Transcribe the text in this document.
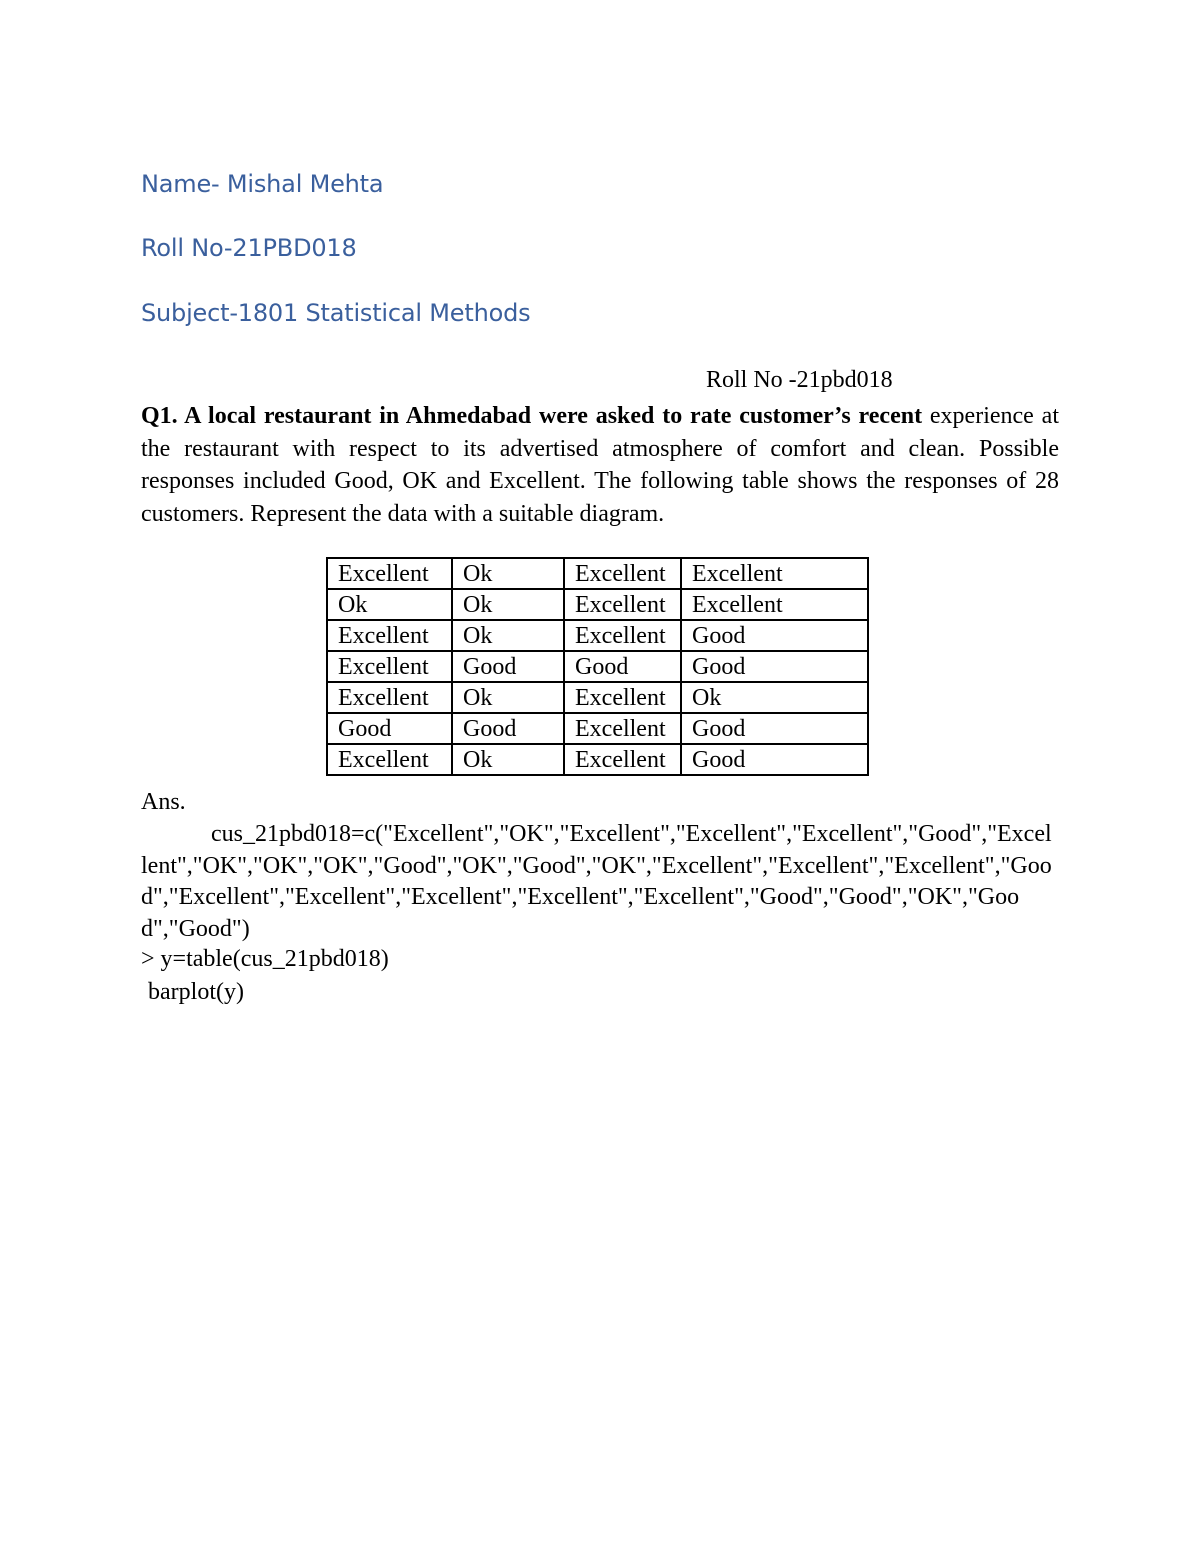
Name- Mishal Mehta
Roll No-21PBD018
Subject-1801 Statistical Methods
Roll No -21pbd018
Q1. A local restaurant in Ahmedabad were asked to rate customer’s recent experience at the restaurant with respect to its advertised atmosphere of comfort and clean. Possible responses included Good, OK and Excellent. The following table shows the responses of 28 customers. Represent the data with a suitable diagram.
Excellent	Ok	Excellent	Excellent
Ok	Ok	Excellent	Excellent
Excellent	Ok	Excellent	Good
Excellent	Good	Good	Good
Excellent	Ok	Excellent	Ok
Good	Good	Excellent	Good
Excellent	Ok	Excellent	Good
Ans.
cus_21pbd018=c("Excellent","OK","Excellent","Excellent","Excellent","Good","Excellent","OK","OK","OK","Good","OK","Good","OK","Excellent","Excellent","Excellent","Good","Excellent","Excellent","Excellent","Excellent","Excellent","Good","Good","OK","Good","Good")
> y=table(cus_21pbd018)
barplot(y)
